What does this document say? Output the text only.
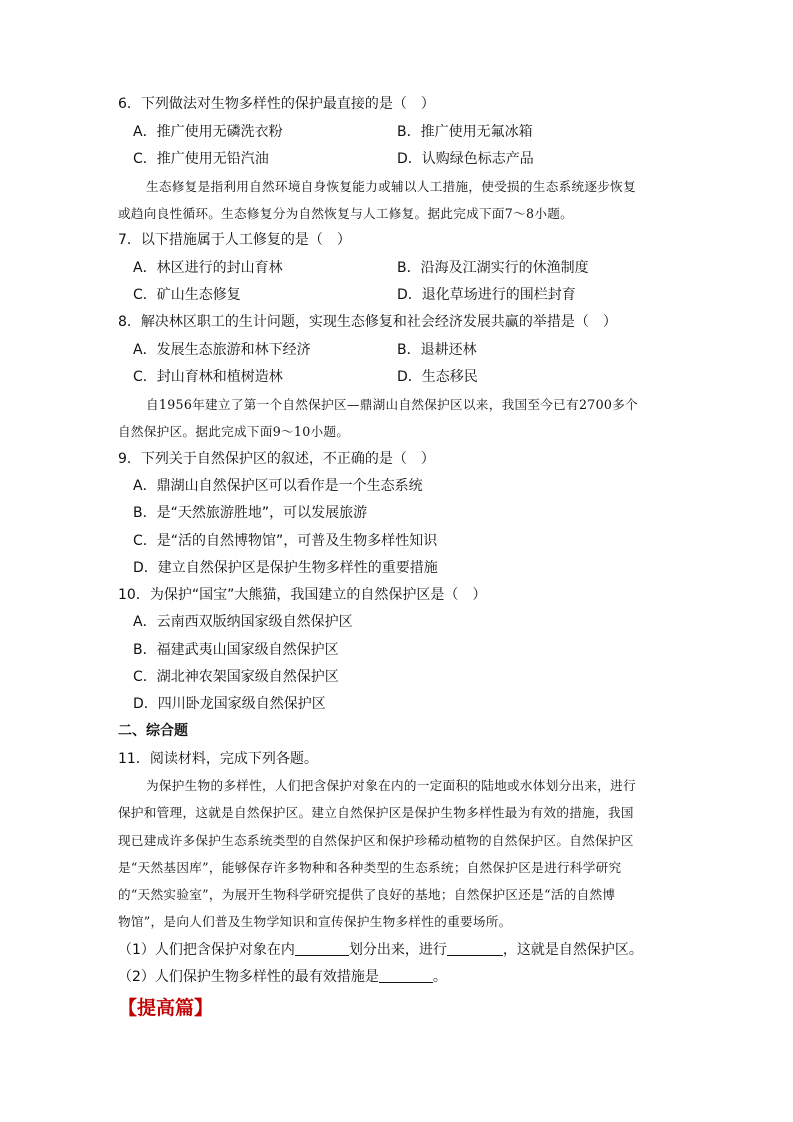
6．下列做法对生物多样性的保护最直接的是（　）
A．推广使用无磷洗衣粉	B．推广使用无氟冰箱
C．推广使用无铅汽油	D．认购绿色标志产品
生态修复是指利用自然环境自身恢复能力或辅以人工措施，使受损的生态系统逐步恢复
或趋向良性循环。生态修复分为自然恢复与人工修复。据此完成下面7～8小题。
7．以下措施属于人工修复的是（　）
A．林区进行的封山育林	B．沿海及江湖实行的休渔制度
C．矿山生态修复	D．退化草场进行的围栏封育
8．解决林区职工的生计问题，实现生态修复和社会经济发展共赢的举措是（　）
A．发展生态旅游和林下经济	B．退耕还林
C．封山育林和植树造林	D．生态移民
自1956年建立了第一个自然保护区—鼎湖山自然保护区以来，我国至今已有2700多个
自然保护区。据此完成下面9～10小题。
9．下列关于自然保护区的叙述，不正确的是（　）
A．鼎湖山自然保护区可以看作是一个生态系统
B．是“天然旅游胜地”，可以发展旅游
C．是“活的自然博物馆”，可普及生物多样性知识
D．建立自然保护区是保护生物多样性的重要措施
10．为保护“国宝”大熊猫，我国建立的自然保护区是（　）
A．云南西双版纳国家级自然保护区
B．福建武夷山国家级自然保护区
C．湖北神农架国家级自然保护区
D．四川卧龙国家级自然保护区
二、综合题
11．阅读材料，完成下列各题。
为保护生物的多样性，人们把含保护对象在内的一定面积的陆地或水体划分出来，进行
保护和管理，这就是自然保护区。建立自然保护区是保护生物多样性最为有效的措施，我国
现已建成许多保护生态系统类型的自然保护区和保护珍稀动植物的自然保护区。自然保护区
是“天然基因库”，能够保存许多物种和各种类型的生态系统；自然保护区是进行科学研究
的“天然实验室”，为展开生物科学研究提供了良好的基地；自然保护区还是“活的自然博
物馆”，是向人们普及生物学知识和宣传保护生物多样性的重要场所。
（1）人们把含保护对象在内	划分出来，进行	，这就是自然保护区。
（2）人们保护生物多样性的最有效措施是	。
【提高篇】
